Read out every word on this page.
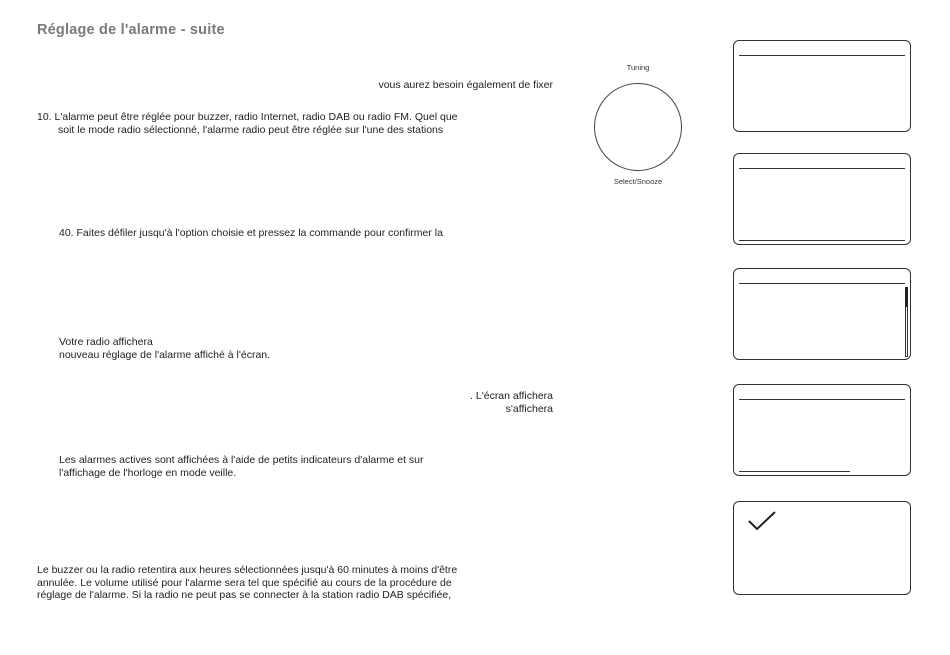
Réglage de l'alarme - suite
vous aurez besoin également de fixer
10. L'alarme peut être réglée pour buzzer, radio Internet, radio DAB ou radio FM. Quel que
soit le mode radio sélectionné, l'alarme radio peut être réglée sur l'une des stations
40. Faites défiler jusqu'à l'option choisie et pressez la commande pour confirmer la
Votre radio affichera
nouveau réglage de l'alarme affiché à l'écran.
. L'écran affichera
s'affichera
Les alarmes actives sont affichées à l'aide de petits indicateurs d'alarme et sur
l'affichage de l'horloge en mode veille.
Le buzzer ou la radio retentira aux heures sélectionnées jusqu'à 60 minutes à moins d'être
annulée. Le volume utilisé pour l'alarme sera tel que spécifié au cours de la procédure de
réglage de l'alarme. Si la radio ne peut pas se connecter à la station radio DAB spécifiée,
Tuning
Select/Snooze
